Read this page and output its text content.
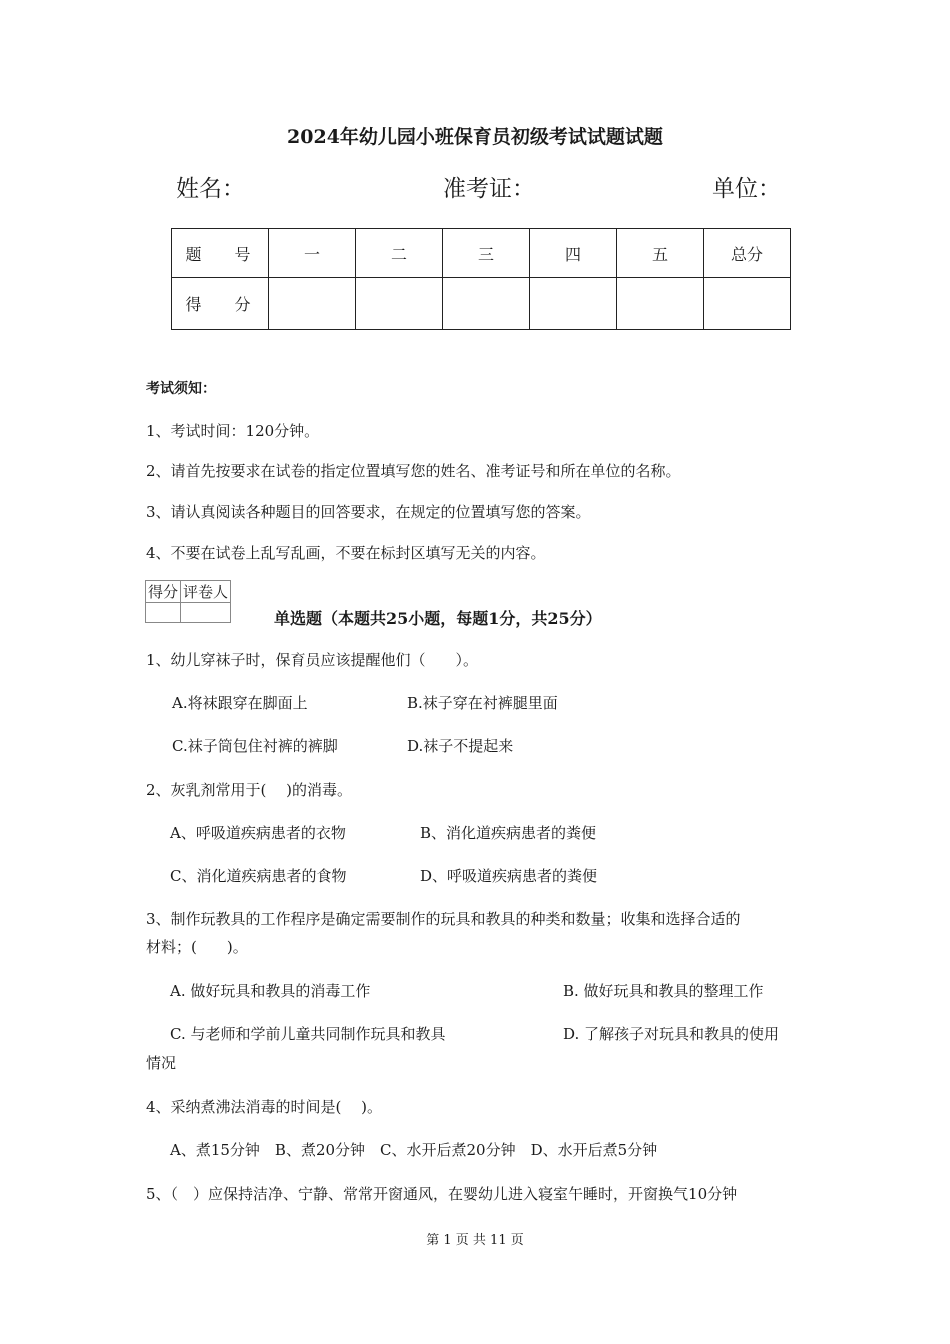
2024年幼儿园小班保育员初级考试试题试题
姓名：	准考证：	单位：
题 号	一	二	三	四	五	总分
得 分						
考试须知：
1、考试时间：120分钟。
2、请首先按要求在试卷的指定位置填写您的姓名、准考证号和所在单位的名称。
3、请认真阅读各种题目的回答要求，在规定的位置填写您的答案。
4、不要在试卷上乱写乱画，不要在标封区填写无关的内容。
得分	评卷人

单选题（本题共25小题，每题1分，共25分）
1、幼儿穿袜子时，保育员应该提醒他们（　　）。
A.将袜跟穿在脚面上	B.袜子穿在衬裤腿里面
C.袜子筒包住衬裤的裤脚	D.袜子不提起来
2、灰乳剂常用于(　 )的消毒。
A、呼吸道疾病患者的衣物	B、消化道疾病患者的粪便
C、消化道疾病患者的食物	D、呼吸道疾病患者的粪便
3、制作玩教具的工作程序是确定需要制作的玩具和教具的种类和数量；收集和选择合适的
材料；(　　)。
A. 做好玩具和教具的消毒工作	B. 做好玩具和教具的整理工作
C. 与老师和学前儿童共同制作玩具和教具	D. 了解孩子对玩具和教具的使用
情况
4、采纳煮沸法消毒的时间是(　 )。
A、煮15分钟　B、煮20分钟　C、水开后煮20分钟　D、水开后煮5分钟
5、（　）应保持洁净、宁静、常常开窗通风，在婴幼儿进入寝室午睡时，开窗换气10分钟
第 1 页 共 11 页
